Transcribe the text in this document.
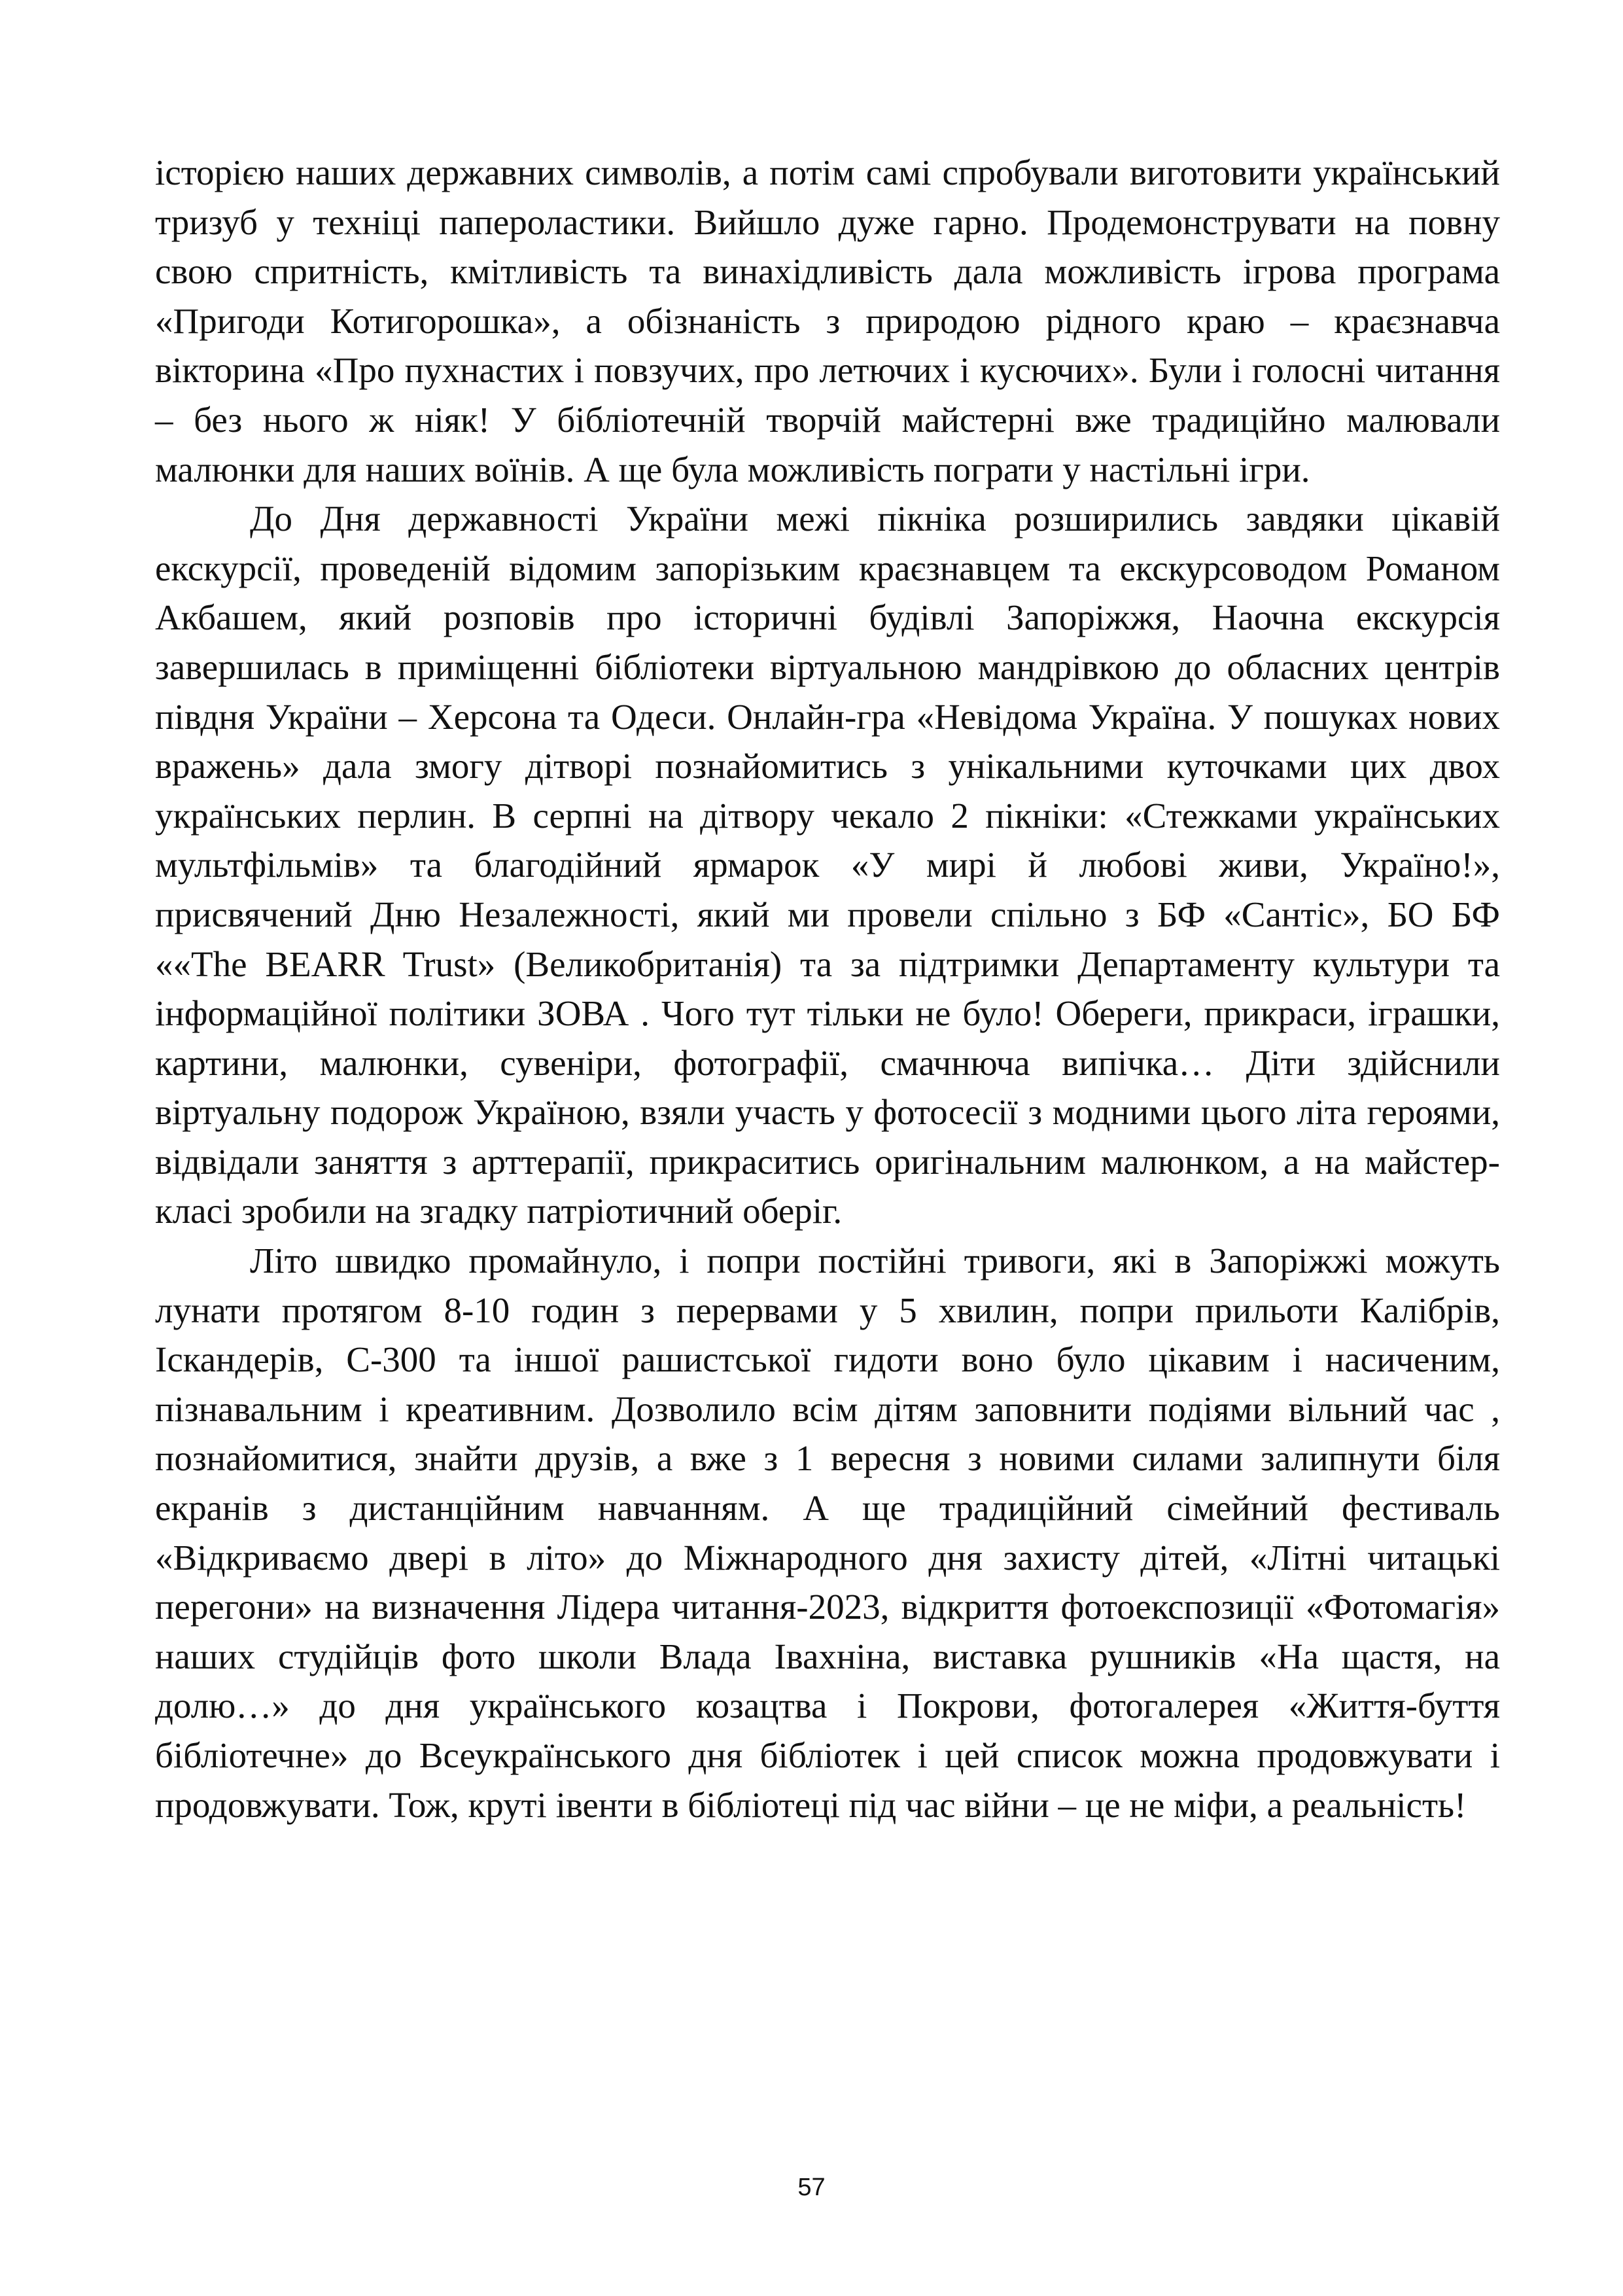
історією наших державних символів, а потім самі спробували виготовити український тризуб у техніці папероластики. Вийшло дуже гарно. Продемонструвати на повну свою спритність, кмітливість та винахідливість дала можливість ігрова програма «Пригоди Котигорошка», а обізнаність з природою рідного краю – краєзнавча вікторина «Про пухнастих і повзучих, про летючих і кусючих». Були і голосні читання – без нього ж ніяк! У бібліотечній творчій майстерні вже традиційно малювали малюнки для наших воїнів. А ще була можливість пограти у настільні ігри.

До Дня державності України межі пікніка розширились завдяки цікавій екскурсії, проведеній відомим запорізьким краєзнавцем та екскурсоводом Романом Акбашем, який розповів про історичні будівлі Запоріжжя, Наочна екскурсія завершилась в приміщенні бібліотеки віртуальною мандрівкою до обласних центрів півдня України – Херсона та Одеси. Онлайн-гра «Невідома Україна. У пошуках нових вражень» дала змогу дітворі познайомитись з унікальними куточками цих двох українських перлин. В серпні на дітвору чекало 2 пікніки: «Стежками українських мультфільмів» та благодійний ярмарок «У мирі й любові живи, Україно!», присвячений Дню Незалежності, який ми провели спільно з БФ «Сантіс», БО БФ ««The BEARR Trust» (Великобританія) та за підтримки Департаменту культури та інформаційної політики ЗОВА . Чого тут тільки не було! Обереги, прикраси, іграшки, картини, малюнки, сувеніри, фотографії, смачнюча випічка… Діти здійснили віртуальну подорож Україною, взяли участь у фотосесії з модними цього літа героями, відвідали заняття з арттерапії, прикраситись оригінальним малюнком, а на майстер-класі зробили на згадку патріотичний оберіг.

Літо швидко промайнуло, і попри постійні тривоги, які в Запоріжжі можуть лунати протягом 8-10 годин з перервами у 5 хвилин, попри прильоти Калібрів, Іскандерів, С-300 та іншої рашистської гидоти воно було цікавим і насиченим, пізнавальним і креативним. Дозволило всім дітям заповнити подіями вільний час , познайомитися, знайти друзів, а вже з 1 вересня з новими силами залипнути біля екранів з дистанційним навчанням. А ще традиційний сімейний фестиваль «Відкриваємо двері в літо» до Міжнародного дня захисту дітей, «Літні читацькі перегони» на визначення Лідера читання-2023, відкриття фотоекспозиції «Фотомагія» наших студійців фото школи Влада Івахніна, виставка рушників «На щастя, на долю…» до дня українського козацтва і Покрови, фотогалерея «Життя-буття бібліотечне» до Всеукраїнського дня бібліотек і цей список можна продовжувати і продовжувати. Тож, круті івенти в бібліотеці під час війни – це не міфи, а реальність!

57
